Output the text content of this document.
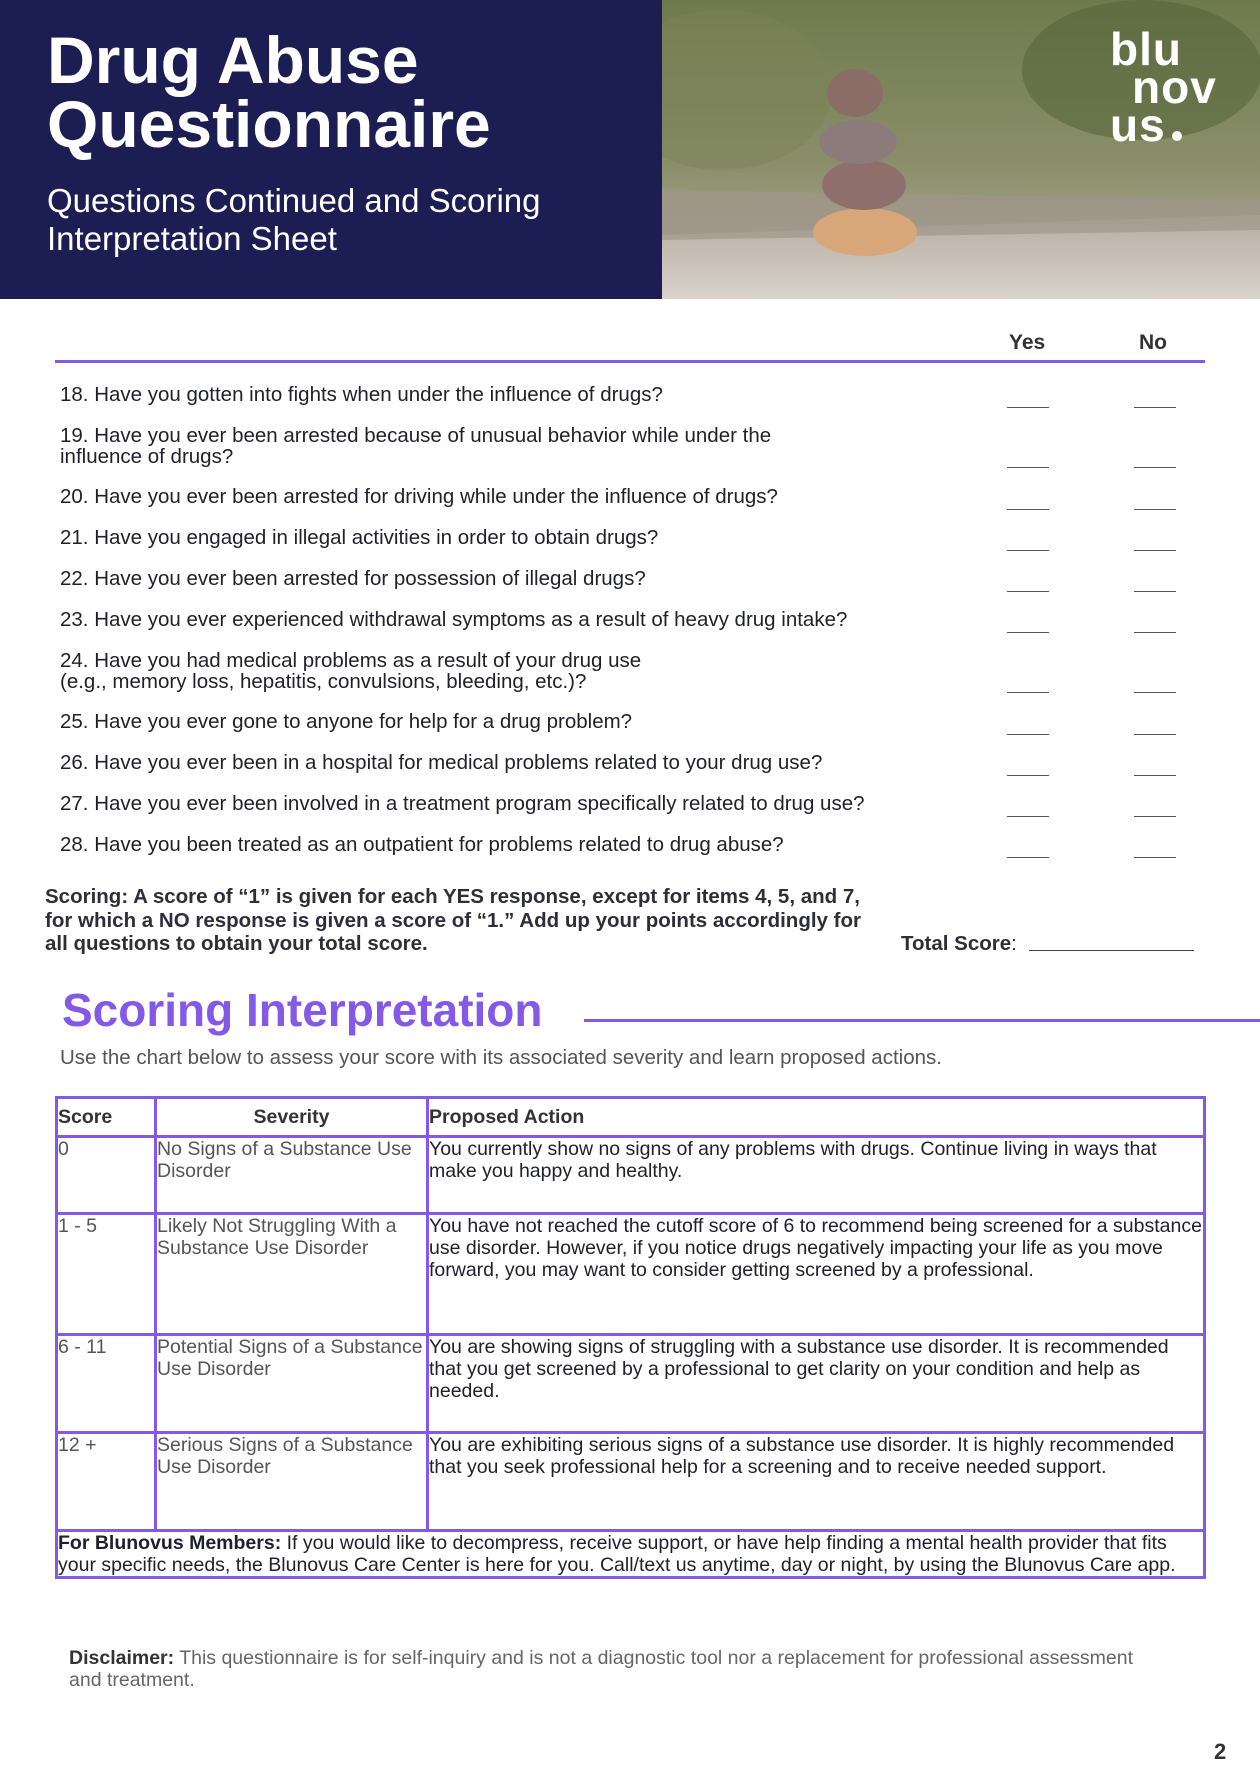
Drug Abuse Questionnaire
Questions Continued and Scoring Interpretation Sheet
blu
nov
us
Yes	No
18. Have you gotten into fights when under the influence of drugs?
19. Have you ever been arrested because of unusual behavior while under the
influence of drugs?
20. Have you ever been arrested for driving while under the influence of drugs?
21. Have you engaged in illegal activities in order to obtain drugs?
22. Have you ever been arrested for possession of illegal drugs?
23. Have you ever experienced withdrawal symptoms as a result of heavy drug intake?
24. Have you had medical problems as a result of your drug use
(e.g., memory loss, hepatitis, convulsions, bleeding, etc.)?
25. Have you ever gone to anyone for help for a drug problem?
26. Have you ever been in a hospital for medical problems related to your drug use?
27. Have you ever been involved in a treatment program specifically related to drug use?
28. Have you been treated as an outpatient for problems related to drug abuse?
Scoring: A score of “1” is given for each YES response, except for items 4, 5, and 7, for which a NO response is given a score of “1.” Add up your points accordingly for all questions to obtain your total score.	Total Score:
Scoring Interpretation
Use the chart below to assess your score with its associated severity and learn proposed actions.
Score	Severity	Proposed Action
0	No Signs of a Substance Use Disorder	You currently show no signs of any problems with drugs. Continue living in ways that make you happy and healthy.
1 - 5	Likely Not Struggling With a Substance Use Disorder	You have not reached the cutoff score of 6 to recommend being screened for a substance use disorder. However, if you notice drugs negatively impacting your life as you move forward, you may want to consider getting screened by a professional.
6 - 11	Potential Signs of a Substance Use Disorder	You are showing signs of struggling with a substance use disorder. It is recommended that you get screened by a professional to get clarity on your condition and help as needed.
12 +	Serious Signs of a Substance Use Disorder	You are exhibiting serious signs of a substance use disorder. It is highly recommended that you seek professional help for a screening and to receive needed support.
For Blunovus Members: If you would like to decompress, receive support, or have help finding a mental health provider that fits your specific needs, the Blunovus Care Center is here for you. Call/text us anytime, day or night, by using the Blunovus Care app.		
Disclaimer: This questionnaire is for self-inquiry and is not a diagnostic tool nor a replacement for professional assessment and treatment.
2
